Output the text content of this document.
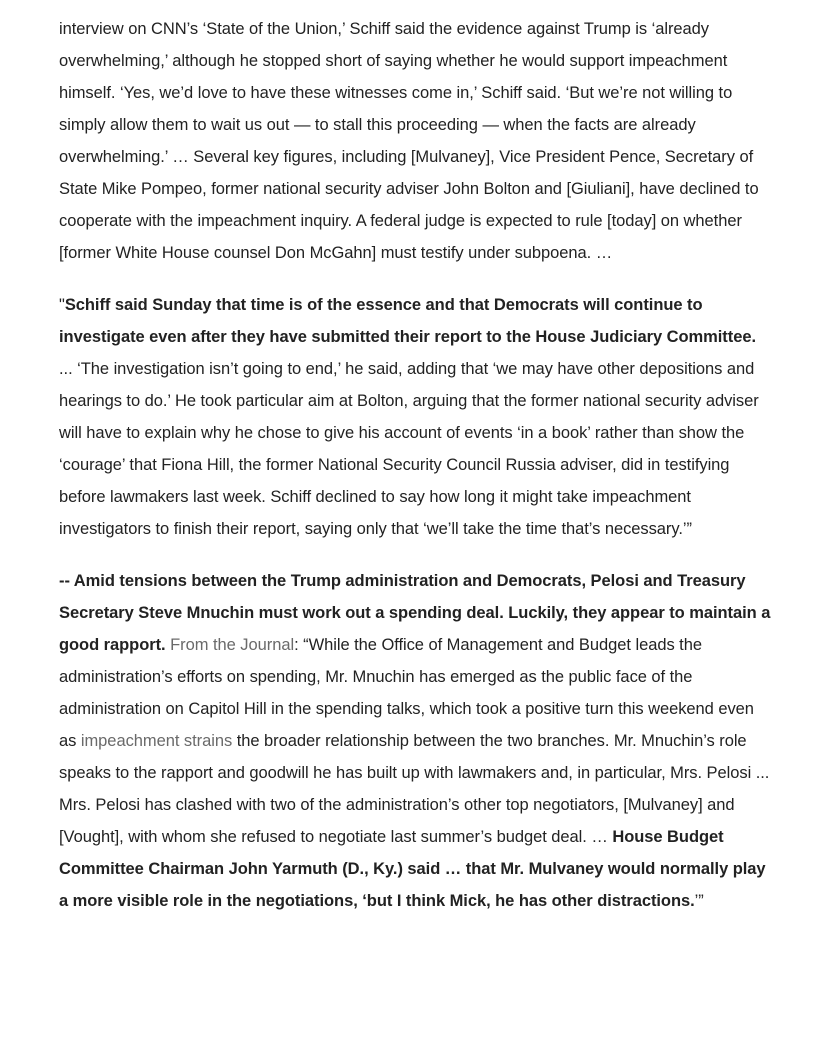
interview on CNN’s ‘State of the Union,’ Schiff said the evidence against Trump is ‘already overwhelming,’ although he stopped short of saying whether he would support impeachment himself. ‘Yes, we’d love to have these witnesses come in,’ Schiff said. ‘But we’re not willing to simply allow them to wait us out — to stall this proceeding — when the facts are already overwhelming.’ … Several key figures, including [Mulvaney], Vice President Pence, Secretary of State Mike Pompeo, former national security adviser John Bolton and [Giuliani], have declined to cooperate with the impeachment inquiry. A federal judge is expected to rule [today] on whether [former White House counsel Don McGahn] must testify under subpoena. …

"Schiff said Sunday that time is of the essence and that Democrats will continue to investigate even after they have submitted their report to the House Judiciary Committee. ... ‘The investigation isn’t going to end,’ he said, adding that ‘we may have other depositions and hearings to do.’ He took particular aim at Bolton, arguing that the former national security adviser will have to explain why he chose to give his account of events ‘in a book’ rather than show the ‘courage’ that Fiona Hill, the former National Security Council Russia adviser, did in testifying before lawmakers last week. Schiff declined to say how long it might take impeachment investigators to finish their report, saying only that ‘we’ll take the time that’s necessary.’”

-- Amid tensions between the Trump administration and Democrats, Pelosi and Treasury Secretary Steve Mnuchin must work out a spending deal. Luckily, they appear to maintain a good rapport. From the Journal: “While the Office of Management and Budget leads the administration’s efforts on spending, Mr. Mnuchin has emerged as the public face of the administration on Capitol Hill in the spending talks, which took a positive turn this weekend even as impeachment strains the broader relationship between the two branches. Mr. Mnuchin’s role speaks to the rapport and goodwill he has built up with lawmakers and, in particular, Mrs. Pelosi ... Mrs. Pelosi has clashed with two of the administration’s other top negotiators, [Mulvaney] and [Vought], with whom she refused to negotiate last summer’s budget deal. … House Budget Committee Chairman John Yarmuth (D., Ky.) said … that Mr. Mulvaney would normally play a more visible role in the negotiations, ‘but I think Mick, he has other distractions.’”
